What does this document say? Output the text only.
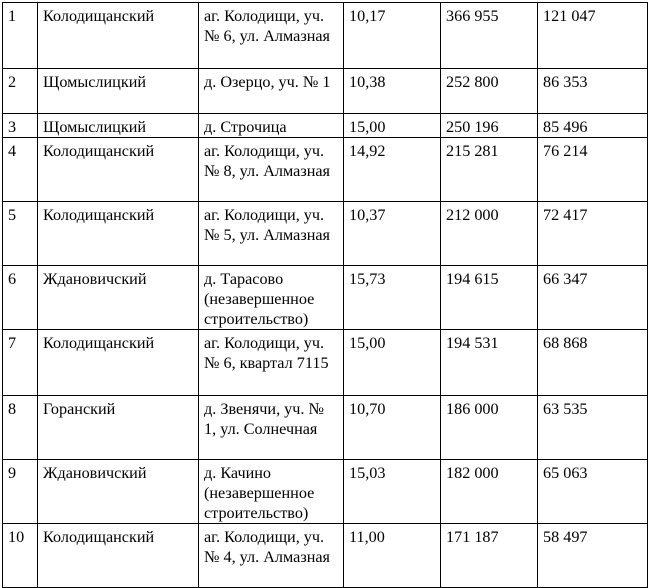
1	Колодищанский	аг. Колодищи, уч. № 6, ул. Алмазная	10,17	366 955	121 047
2	Щомыслицкий	д. Озерцо, уч. № 1	10,38	252 800	86 353
3	Щомыслицкий	д. Строчица	15,00	250 196	85 496
4	Колодищанский	аг. Колодищи, уч. № 8, ул. Алмазная	14,92	215 281	76 214
5	Колодищанский	аг. Колодищи, уч. № 5, ул. Алмазная	10,37	212 000	72 417
6	Ждановичский	д. Тарасово (незавершенное строительство)	15,73	194 615	66 347
7	Колодищанский	аг. Колодищи, уч. № 6, квартал 7115	15,00	194 531	68 868
8	Горанский	д. Звенячи, уч. № 1, ул. Солнечная	10,70	186 000	63 535
9	Ждановичский	д. Качино (незавершенное строительство)	15,03	182 000	65 063
10	Колодищанский	аг. Колодищи, уч. № 4, ул. Алмазная	11,00	171 187	58 497
